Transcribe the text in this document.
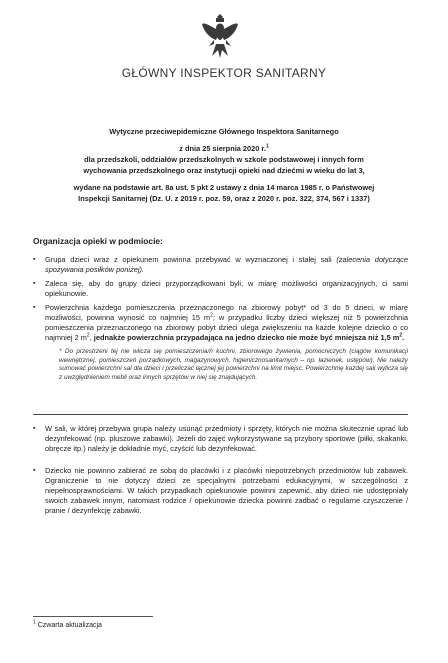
GŁÓWNY INSPEKTOR SANITARNY
Wytyczne przeciwepidemiczne Głównego Inspektora Sanitarnego
z dnia 25 sierpnia 2020 r.$^1$
dla przedszkoli, oddziałów przedszkolnych w szkole podstawowej i innych form
wychowania przedszkolnego oraz instytucji opieki nad dziećmi w wieku do lat 3,
wydane na podstawie art. 8a ust. 5 pkt 2 ustawy z dnia 14 marca 1985 r. o Państwowej
Inspekcji Sanitarnej (Dz. U. z 2019 r. poz. 59, oraz z 2020 r. poz. 322, 374, 567 i 1337)
Organizacja opieki w podmiocie:
▪ Grupa dzieci wraz z opiekunem powinna przebywać w wyznaczonej i stałej sali (zalecenia dotyczące spożywania posiłków poniżej).
▪ Zaleca się, aby do grupy dzieci przyporządkowani byli, w miarę możliwości organizacyjnych, ci sami opiekunowie.
▪ Powierzchnia każdego pomieszczenia przeznaczonego na zbiorowy pobyt* od 3 do 5 dzieci, w miarę możliwości, powinna wynosić co najmniej 15 $m^2$; w przypadku liczby dzieci większej niż 5 powierzchnia pomieszczenia przeznaczonego na zbiorowy pobyt dzieci ulega zwiększeniu na każde kolejne dziecko o co najmniej 2 $m^2$, jednakże powierzchnia przypadająca na jedno dziecko nie może być mniejsza niż 1,5 $m^2$.
* Do przestrzeni tej nie wlicza się pomieszczenia/ń kuchni, zbiorowego żywienia, pomocniczych (ciągów komunikacji wewnętrznej, pomieszczeń porządkowych, magazynowych, higienicznosanitarnych – np. łazienek, ustępów). Nie należy sumować powierzchni sal dla dzieci i przeliczać łącznej jej powierzchni na limit miejsc. Powierzchnię każdej sali wylicza się z uwzględnieniem mebli oraz innych sprzętów w niej się znajdujących.
▪ W sali, w której przebywa grupa należy usunąć przedmioty i sprzęty, których nie można skutecznie uprać lub dezynfekować (np. pluszowe zabawki). Jeżeli do zajęć wykorzystywane są przybory sportowe (piłki, skakanki, obręcze itp.) należy je dokładnie myć, czyścić lub dezynfekować.
▪ Dziecko nie powinno zabierać ze sobą do placówki i z placówki niepotrzebnych przedmiotów lub zabawek. Ograniczenie to nie dotyczy dzieci ze specjalnymi potrzebami edukacyjnymi, w szczególności z niepełnosprawnościami. W takich przypadkach opiekunowie powinni zapewnić, aby dzieci nie udostępniały swoich zabawek innym, natomiast rodzice / opiekunowie dziecka powinni zadbać o regularne czyszczenie / pranie / dezynfekcję zabawki.
$^1$ Czwarta aktualizacja
